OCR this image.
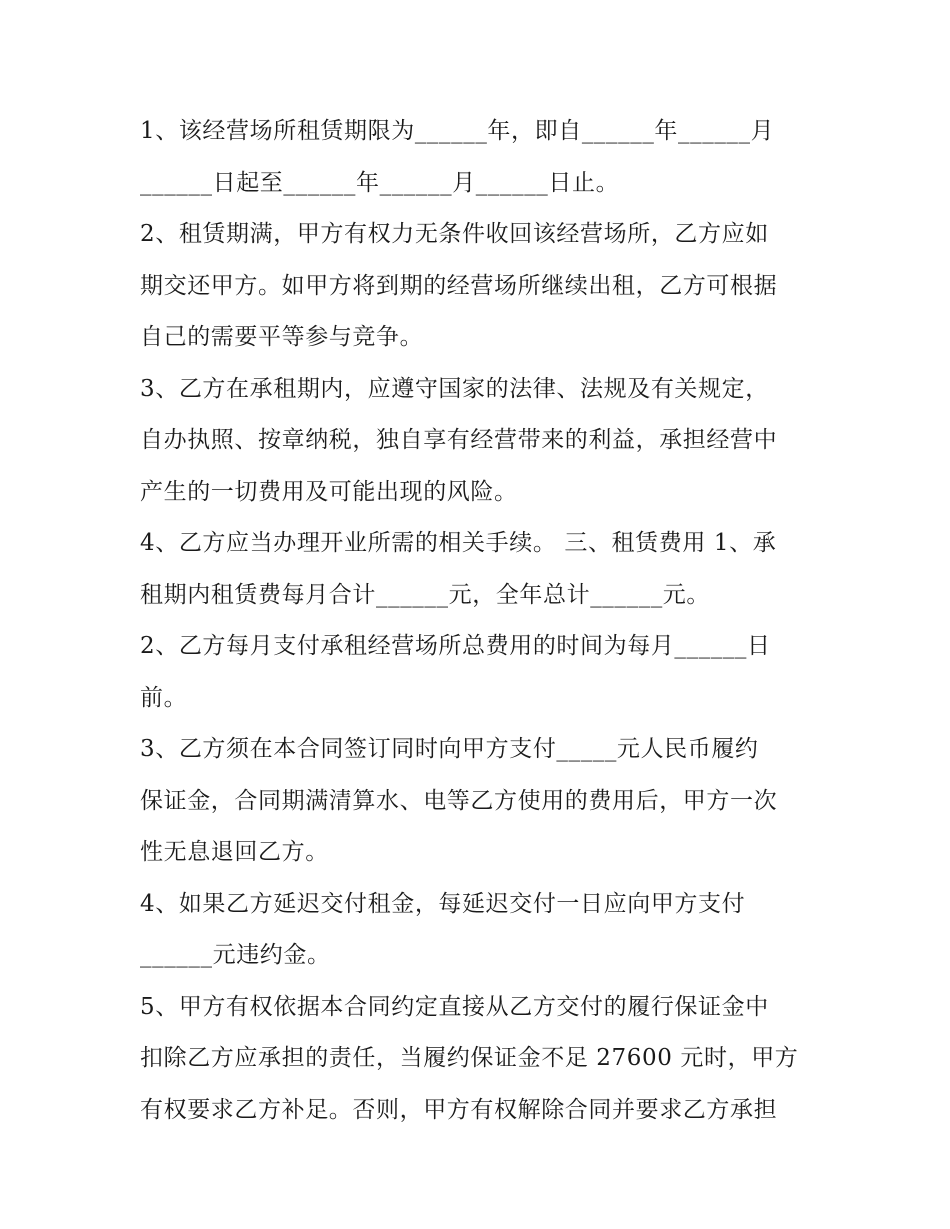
1、该经营场所租赁期限为______年，即自______年______月
______日起至______年______月______日止。
2、租赁期满，甲方有权力无条件收回该经营场所，乙方应如
期交还甲方。如甲方将到期的经营场所继续出租，乙方可根据
自己的需要平等参与竞争。
3、乙方在承租期内，应遵守国家的法律、法规及有关规定，
自办执照、按章纳税，独自享有经营带来的利益，承担经营中
产生的一切费用及可能出现的风险。
4、乙方应当办理开业所需的相关手续。 三、租赁费用 1、承
租期内租赁费每月合计______元，全年总计______元。
2、乙方每月支付承租经营场所总费用的时间为每月______日
前。
3、乙方须在本合同签订同时向甲方支付_____元人民币履约
保证金，合同期满清算水、电等乙方使用的费用后，甲方一次
性无息退回乙方。
4、如果乙方延迟交付租金，每延迟交付一日应向甲方支付
______元违约金。
5、甲方有权依据本合同约定直接从乙方交付的履行保证金中
扣除乙方应承担的责任，当履约保证金不足 27600 元时，甲方
有权要求乙方补足。否则，甲方有权解除合同并要求乙方承担
